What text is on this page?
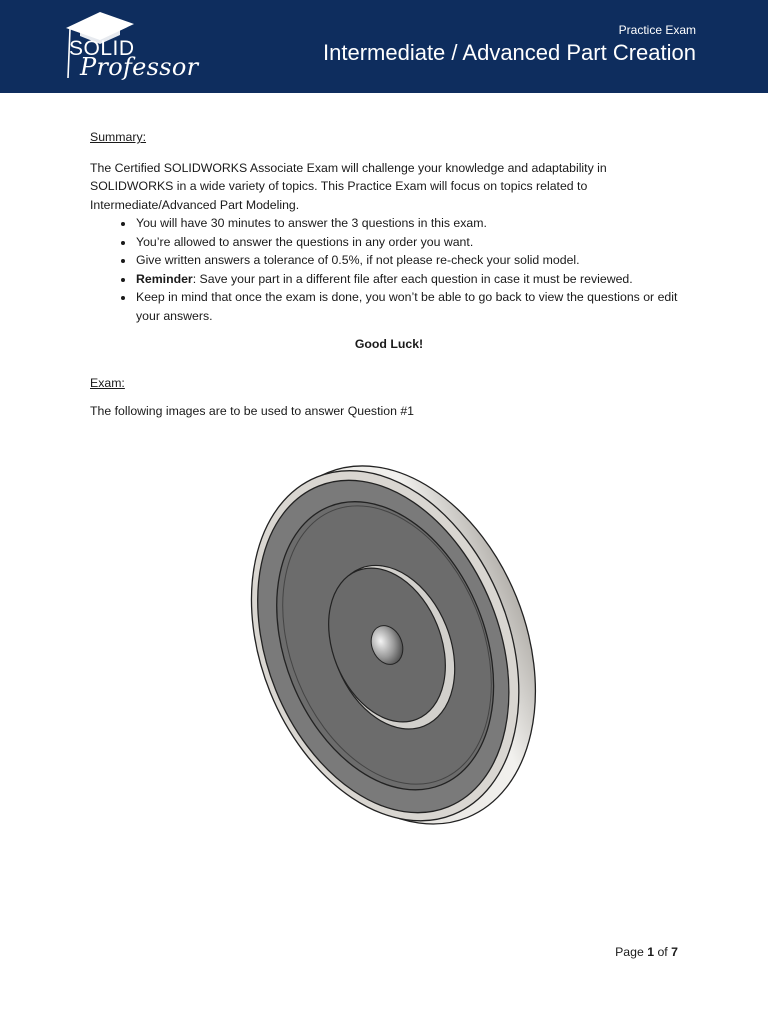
SOLID
Professor
Practice Exam
Intermediate / Advanced Part Creation

Summary:

The Certified SOLIDWORKS Associate Exam will challenge your knowledge and adaptability in SOLIDWORKS in a wide variety of topics. This Practice Exam will focus on topics related to Intermediate/Advanced Part Modeling.

• You will have 30 minutes to answer the 3 questions in this exam.
• You’re allowed to answer the questions in any order you want.
• Give written answers a tolerance of 0.5%, if not please re-check your solid model.
• Reminder: Save your part in a different file after each question in case it must be reviewed.
• Keep in mind that once the exam is done, you won’t be able to go back to view the questions or edit your answers.

Good Luck!

Exam:

The following images are to be used to answer Question #1

Page 1 of 7
